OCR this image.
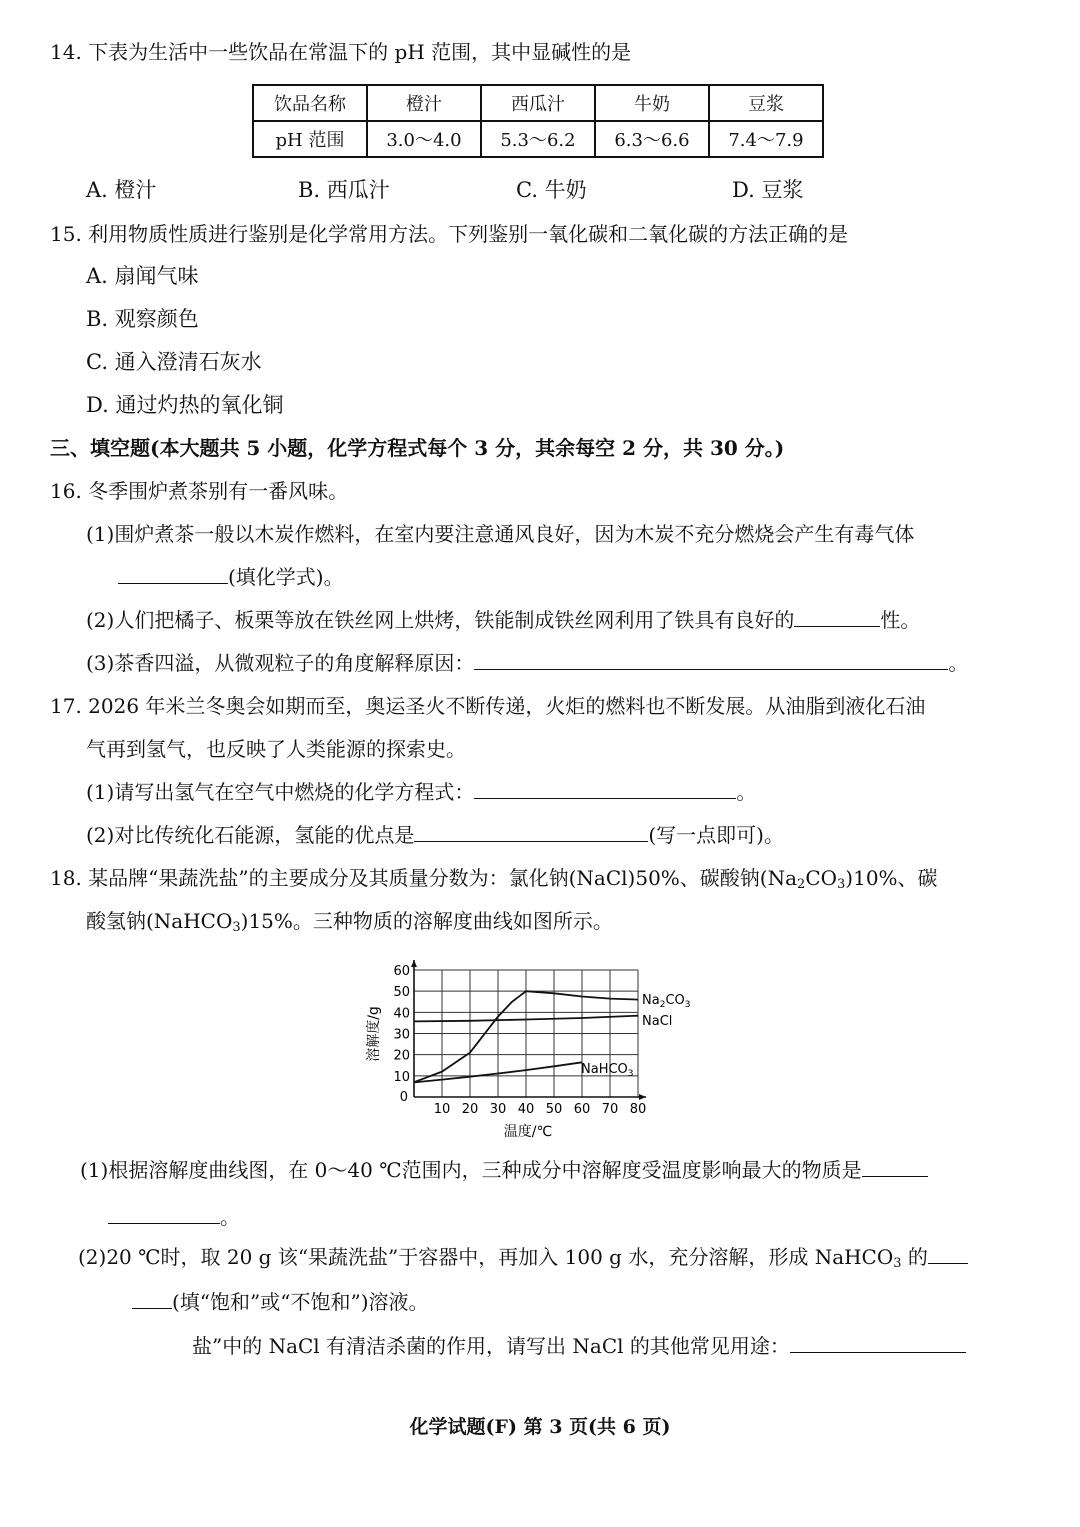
14. 下表为生活中一些饮品在常温下的 pH 范围，其中显碱性的是
饮品名称	橙汁	西瓜汁	牛奶	豆浆
pH 范围	3.0～4.0	5.3～6.2	6.3～6.6	7.4～7.9
A. 橙汁	B. 西瓜汁	C. 牛奶	D. 豆浆
15. 利用物质性质进行鉴别是化学常用方法。下列鉴别一氧化碳和二氧化碳的方法正确的是
A. 扇闻气味
B. 观察颜色
C. 通入澄清石灰水
D. 通过灼热的氧化铜
三、填空题(本大题共 5 小题，化学方程式每个 3 分，其余每空 2 分，共 30 分。)
16. 冬季围炉煮茶别有一番风味。
(1)围炉煮茶一般以木炭作燃料，在室内要注意通风良好，因为木炭不充分燃烧会产生有毒气体
(填化学式)。
(2)人们把橘子、板栗等放在铁丝网上烘烤，铁能制成铁丝网利用了铁具有良好的	性。
(3)茶香四溢，从微观粒子的角度解释原因：	。
17. 2026 年米兰冬奥会如期而至，奥运圣火不断传递，火炬的燃料也不断发展。从油脂到液化石油
气再到氢气，也反映了人类能源的探索史。
(1)请写出氢气在空气中燃烧的化学方程式：	。
(2)对比传统化石能源，氢能的优点是	(写一点即可)。
18. 某品牌“果蔬洗盐”的主要成分及其质量分数为：氯化钠(NaCl)50%、碳酸钠$(Na_2CO_3)10\%$、碳
酸氢钠(NaHCO$_3$)15%。三种物质的溶解度曲线如图所示。
10 20 30 40 50 60 70 80
10
20
30
40
50
60
0
溶解度/g
温度/℃
$Na_2CO_3$
NaCl
NaHCO$_3$
(1)根据溶解度曲线图，在 0～40 ℃范围内，三种成分中溶解度受温度影响最大的物质是
。
(2)20 ℃时，取 20 g 该“果蔬洗盐”于容器中，再加入 100 g 水，充分溶解，形成 NaHCO$_3$ 的
(填“饱和”或“不饱和”)溶液。
盐”中的 NaCl 有清洁杀菌的作用，请写出 NaCl 的其他常见用途：
化学试题(F) 第 3 页(共 6 页)
